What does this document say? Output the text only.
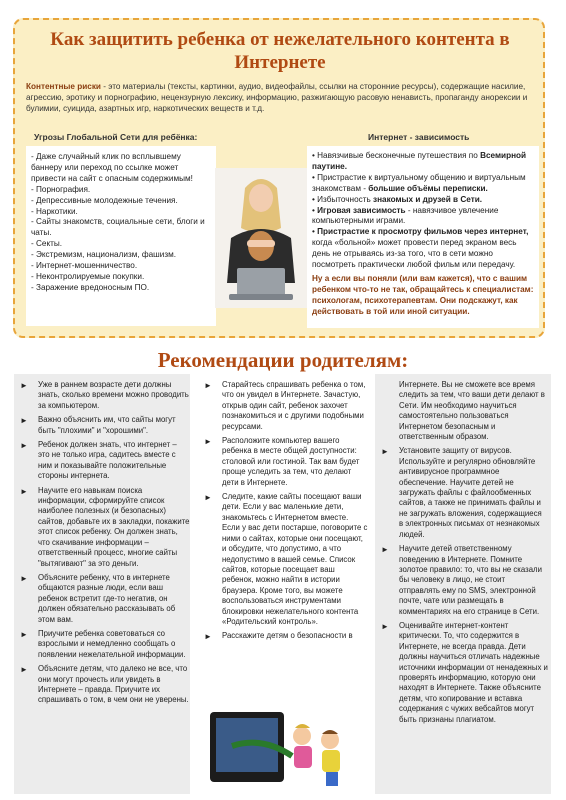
Как защитить ребенка от нежелательного контента в Интернете
Контентные риски - это материалы (тексты, картинки, аудио, видеофайлы, ссылки на сторонние ресурсы), содержащие насилие, агрессию, эротику и порнографию, нецензурную лексику, информацию, разжигающую расовую ненависть, пропаганду анорексии и булимии, суицида, азартных игр, наркотических веществ и т.д.
Угрозы Глобальной Сети для ребёнка:	Интернет - зависимость
- Даже случайный клик по всплывшему баннеру или переход по ссылке может привести на сайт с опасным содержимым!
- Порнография.
- Депрессивные молодежные течения.
- Наркотики.
- Сайты знакомств, социальные сети, блоги и чаты.
- Секты.
- Экстремизм, национализм, фашизм.
- Интернет-мошенничество.
- Неконтролируемые покупки.
- Заражение вредоносным ПО.
• Навязчивые бесконечные путешествия по Всемирной паутине.
• Пристрастие к виртуальному общению и виртуальным знакомствам - большие объёмы переписки.
• Избыточность знакомых и друзей в Сети.
• Игровая зависимость - навязчивое увлечение компьютерными играми.
• Пристрастие к просмотру фильмов через интернет, когда «больной» может провести перед экраном весь день не отрываясь из-за того, что в сети можно посмотреть практически любой фильм или передачу.
Ну а если вы поняли (или вам кажется), что с вашим ребенком что-то не так, обращайтесь к специалистам: психологам, психотерапевтам. Они подскажут, как действовать в той или иной ситуации.
Рекомендации родителям:
► Уже в раннем возрасте дети должны знать, сколько времени можно проводить за компьютером.
► Важно объяснить им, что сайты могут быть "плохими" и "хорошими".
► Ребенок должен знать, что интернет – это не только игра, садитесь вместе с ним и показывайте положительные стороны интернета.
► Научите его навыкам поиска информации, сформируйте список наиболее полезных (и безопасных) сайтов, добавьте их в закладки, покажите этот список ребенку. Он должен знать, что скачивание информации – ответственный процесс, многие сайты "вытягивают" за это деньги.
► Объясните ребенку, что в интернете общаются разные люди, если ваш ребенок встретит где-то негатив, он должен обязательно рассказывать об этом вам.
► Приучите ребенка советоваться со взрослыми и немедленно сообщать о появлении нежелательной информации.
► Объясните детям, что далеко не все, что они могут прочесть или увидеть в Интернете – правда. Приучите их спрашивать о том, в чем они не уверены.
► Старайтесь спрашивать ребенка о том, что он увидел в Интернете. Зачастую, открыв один сайт, ребенок захочет познакомиться и с другими подобными ресурсами.
► Расположите компьютер вашего ребенка в месте общей доступности: столовой или гостиной. Так вам будет проще уследить за тем, что делают дети в Интернете.
► Следите, какие сайты посещают ваши дети. Если у вас маленькие дети, знакомьтесь с Интернетом вместе. Если у вас дети постарше, поговорите с ними о сайтах, которые они посещают, и обсудите, что допустимо, а что недопустимо в вашей семье. Список сайтов, которые посещает ваш ребенок, можно найти в истории браузера. Кроме того, вы можете воспользоваться инструментами блокировки нежелательного контента «Родительский контроль».
► Расскажите детям о безопасности в
Интернете. Вы не сможете все время следить за тем, что ваши дети делают в Сети. Им необходимо научиться самостоятельно пользоваться Интернетом безопасным и ответственным образом.
► Установите защиту от вирусов. Используйте и регулярно обновляйте антивирусное программное обеспечение. Научите детей не загружать файлы с файлообменных сайтов, а также не принимать файлы и не загружать вложения, содержащиеся в электронных письмах от незнакомых людей.
► Научите детей ответственному поведению в Интернете. Помните золотое правило: то, что вы не сказали бы человеку в лицо, не стоит отправлять ему по SMS, электронной почте, чате или размещать в комментариях на его странице в Сети.
► Оценивайте интернет-контент критически. То, что содержится в Интернете, не всегда правда. Дети должны научиться отличать надежные источники информации от ненадежных и проверять информацию, которую они находят в Интернете. Также объясните детям, что копирование и вставка содержания с чужих вебсайтов могут быть признаны плагиатом.
